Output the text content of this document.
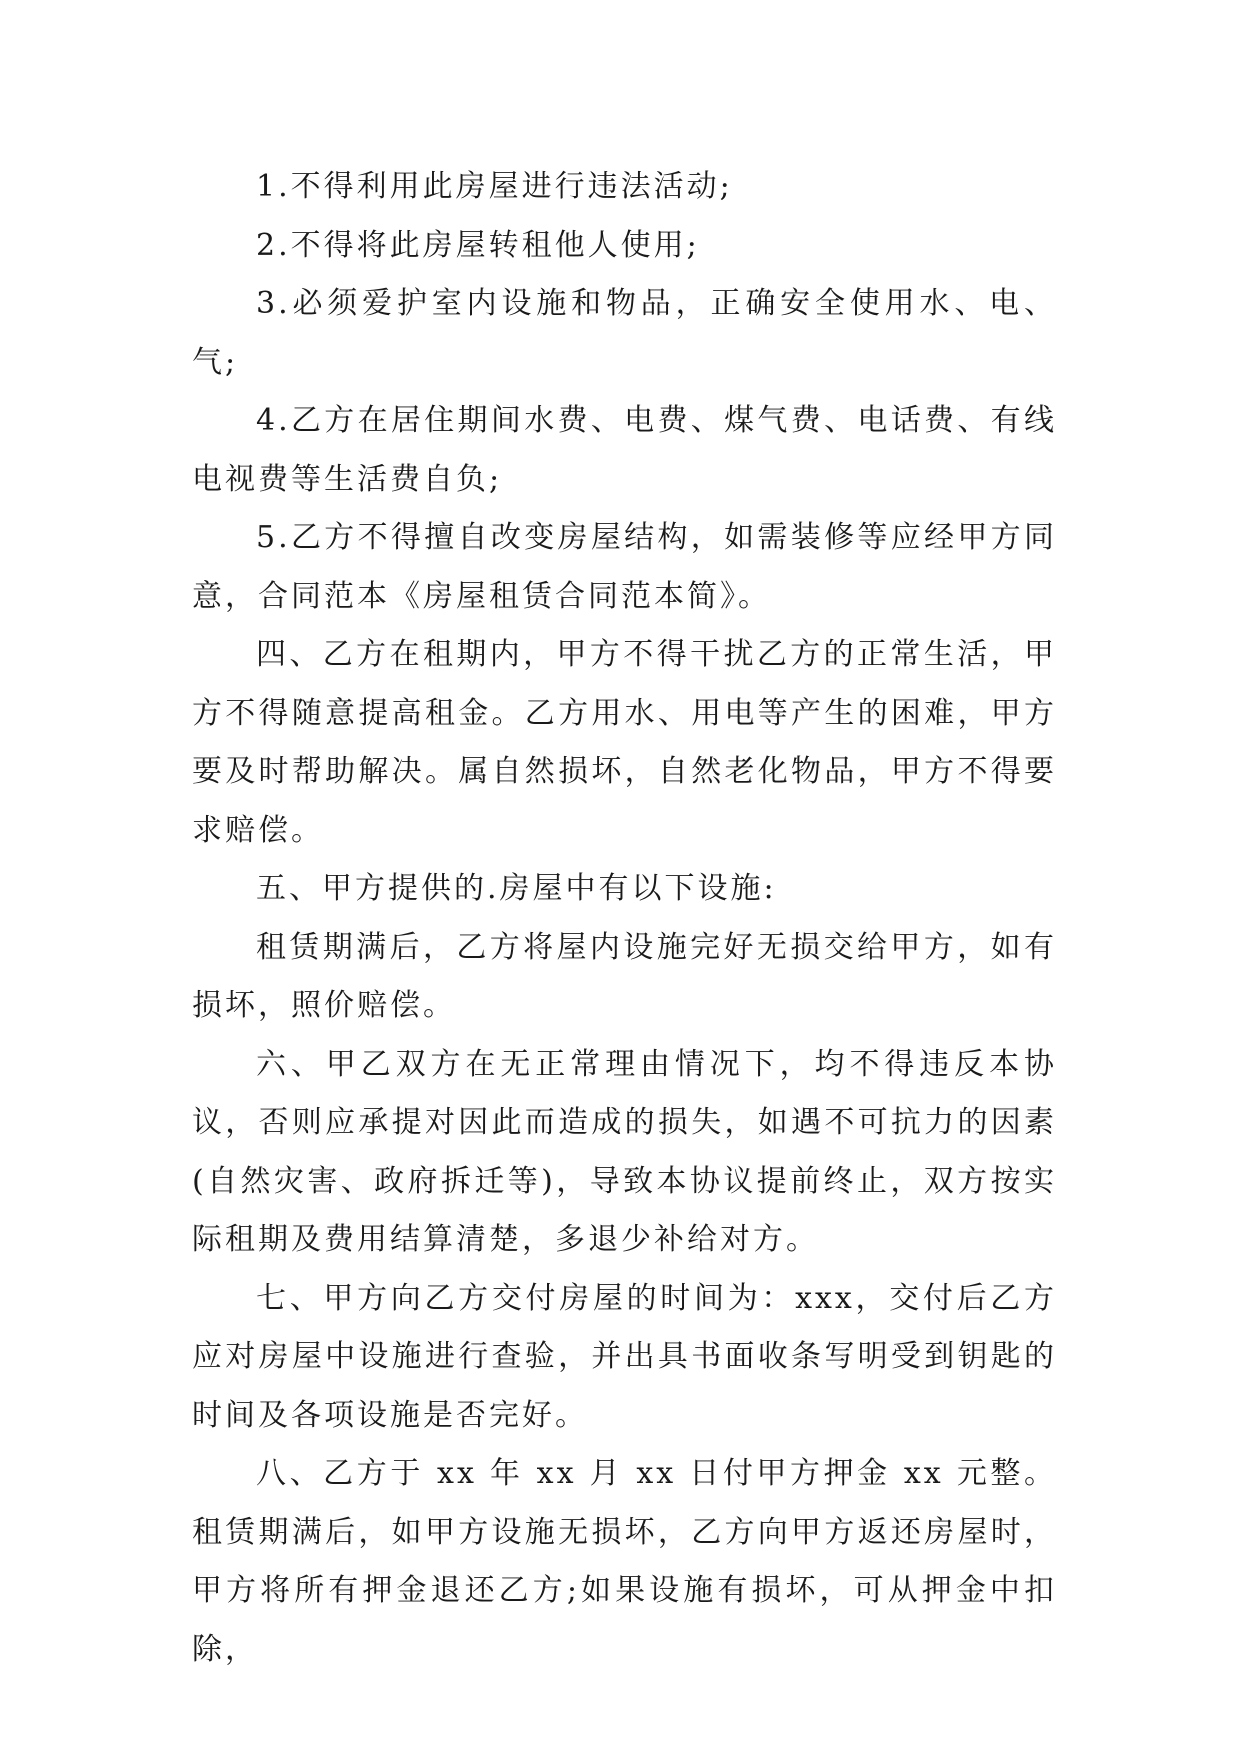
1.不得利用此房屋进行违法活动;

2.不得将此房屋转租他人使用;

3.必须爱护室内设施和物品，正确安全使用水、电、气;

4.乙方在居住期间水费、电费、煤气费、电话费、有线电视费等生活费自负;

5.乙方不得擅自改变房屋结构，如需装修等应经甲方同意，合同范本《房屋租赁合同范本简》。

四、乙方在租期内，甲方不得干扰乙方的正常生活，甲方不得随意提高租金。乙方用水、用电等产生的困难，甲方要及时帮助解决。属自然损坏，自然老化物品，甲方不得要求赔偿。

五、甲方提供的.房屋中有以下设施:

租赁期满后，乙方将屋内设施完好无损交给甲方，如有损坏，照价赔偿。

六、甲乙双方在无正常理由情况下，均不得违反本协议，否则应承提对因此而造成的损失，如遇不可抗力的因素(自然灾害、政府拆迁等)，导致本协议提前终止，双方按实际租期及费用结算清楚，多退少补给对方。

七、甲方向乙方交付房屋的时间为：xxx，交付后乙方应对房屋中设施进行查验，并出具书面收条写明受到钥匙的时间及各项设施是否完好。

八、乙方于 xx 年 xx 月 xx 日付甲方押金 xx 元整。租赁期满后，如甲方设施无损坏，乙方向甲方返还房屋时，甲方将所有押金退还乙方;如果设施有损坏，可从押金中扣除，
